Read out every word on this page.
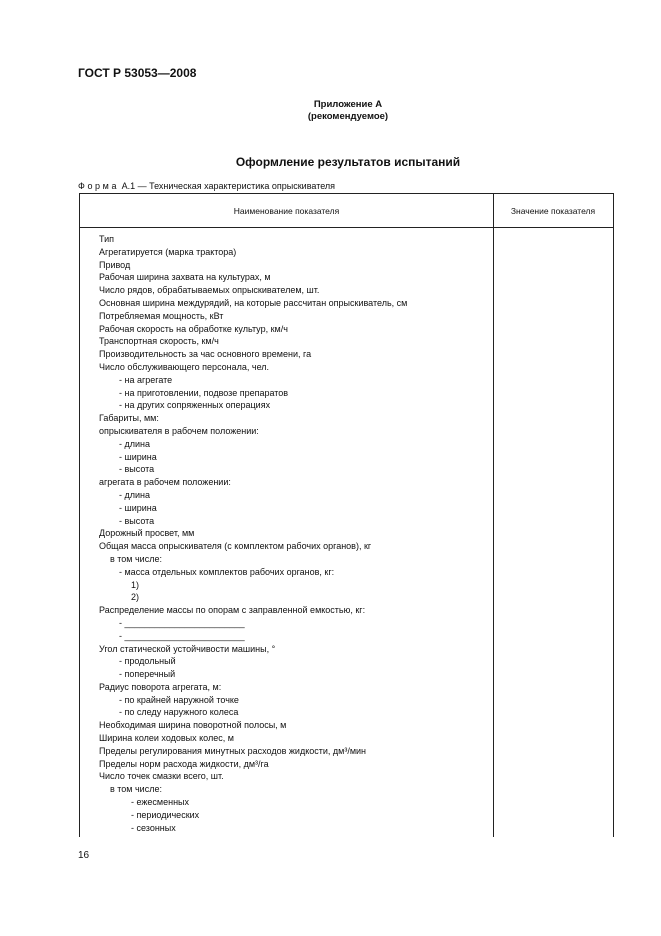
ГОСТ Р 53053—2008
Приложение А
(рекомендуемое)
Оформление результатов испытаний
Форма А.1 — Техническая характеристика опрыскивателя
Наименование показателя	Значение показателя
Тип
Агрегатируется (марка трактора)
Привод
Рабочая ширина захвата на культурах, м
Число рядов, обрабатываемых опрыскивателем, шт.
Основная ширина междурядий, на которые рассчитан опрыскиватель, см
Потребляемая мощность, кВт
Рабочая скорость на обработке культур, км/ч
Транспортная скорость, км/ч
Производительность за час основного времени, га
Число обслуживающего персонала, чел.
- на агрегате
- на приготовлении, подвозе препаратов
- на других сопряженных операциях
Габариты, мм:
опрыскивателя в рабочем положении:
- длина
- ширина
- высота
агрегата в рабочем положении:
- длина
- ширина
- высота
Дорожный просвет, мм
Общая масса опрыскивателя (с комплектом рабочих органов), кг
в том числе:
- масса отдельных комплектов рабочих органов, кг:
1)
2)
Распределение массы по опорам с заправленной емкостью, кг:
- ________________________
- ________________________
Угол статической устойчивости машины, °
- продольный
- поперечный
Радиус поворота агрегата, м:
- по крайней наружной точке
- по следу наружного колеса
Необходимая ширина поворотной полосы, м
Ширина колеи ходовых колес, м
Пределы регулирования минутных расходов жидкости, дм³/мин
Пределы норм расхода жидкости, дм³/га
Число точек смазки всего, шт.
в том числе:
- ежесменных
- периодических
- сезонных
16
